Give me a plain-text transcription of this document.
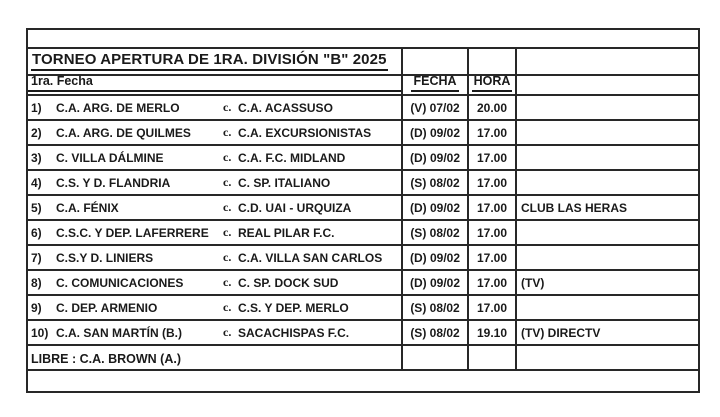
TORNEO APERTURA DE 1RA. DIVISIÓN "B" 2025
1ra. Fecha	FECHA HORA
1) C.A. ARG. DE MERLO	c. C.A. ACASSUSO	(V) 07/02 20.00
2) C.A. ARG. DE QUILMES	c. C.A. EXCURSIONISTAS	(D) 09/02 17.00
3) C. VILLA DÁLMINE	c. C.A. F.C. MIDLAND	(D) 09/02 17.00
4) C.S. Y D. FLANDRIA	c. C. SP. ITALIANO	(S) 08/02 17.00
5) C.A. FÉNIX	c. C.D. UAI - URQUIZA	(D) 09/02 17.00 CLUB LAS HERAS
6) C.S.C. Y DEP. LAFERRERE c. REAL PILAR F.C.	(S) 08/02 17.00
7) C.S.Y D. LINIERS	c. C.A. VILLA SAN CARLOS (D) 09/02 17.00
8) C. COMUNICACIONES	c. C. SP. DOCK SUD	(D) 09/02 17.00 (TV)
9) C. DEP. ARMENIO	c. C.S. Y DEP. MERLO	(S) 08/02 17.00
10) C.A. SAN MARTÍN (B.)	c. SACACHISPAS F.C.	(S) 08/02 19.10 (TV) DIRECTV
LIBRE : C.A. BROWN (A.)
